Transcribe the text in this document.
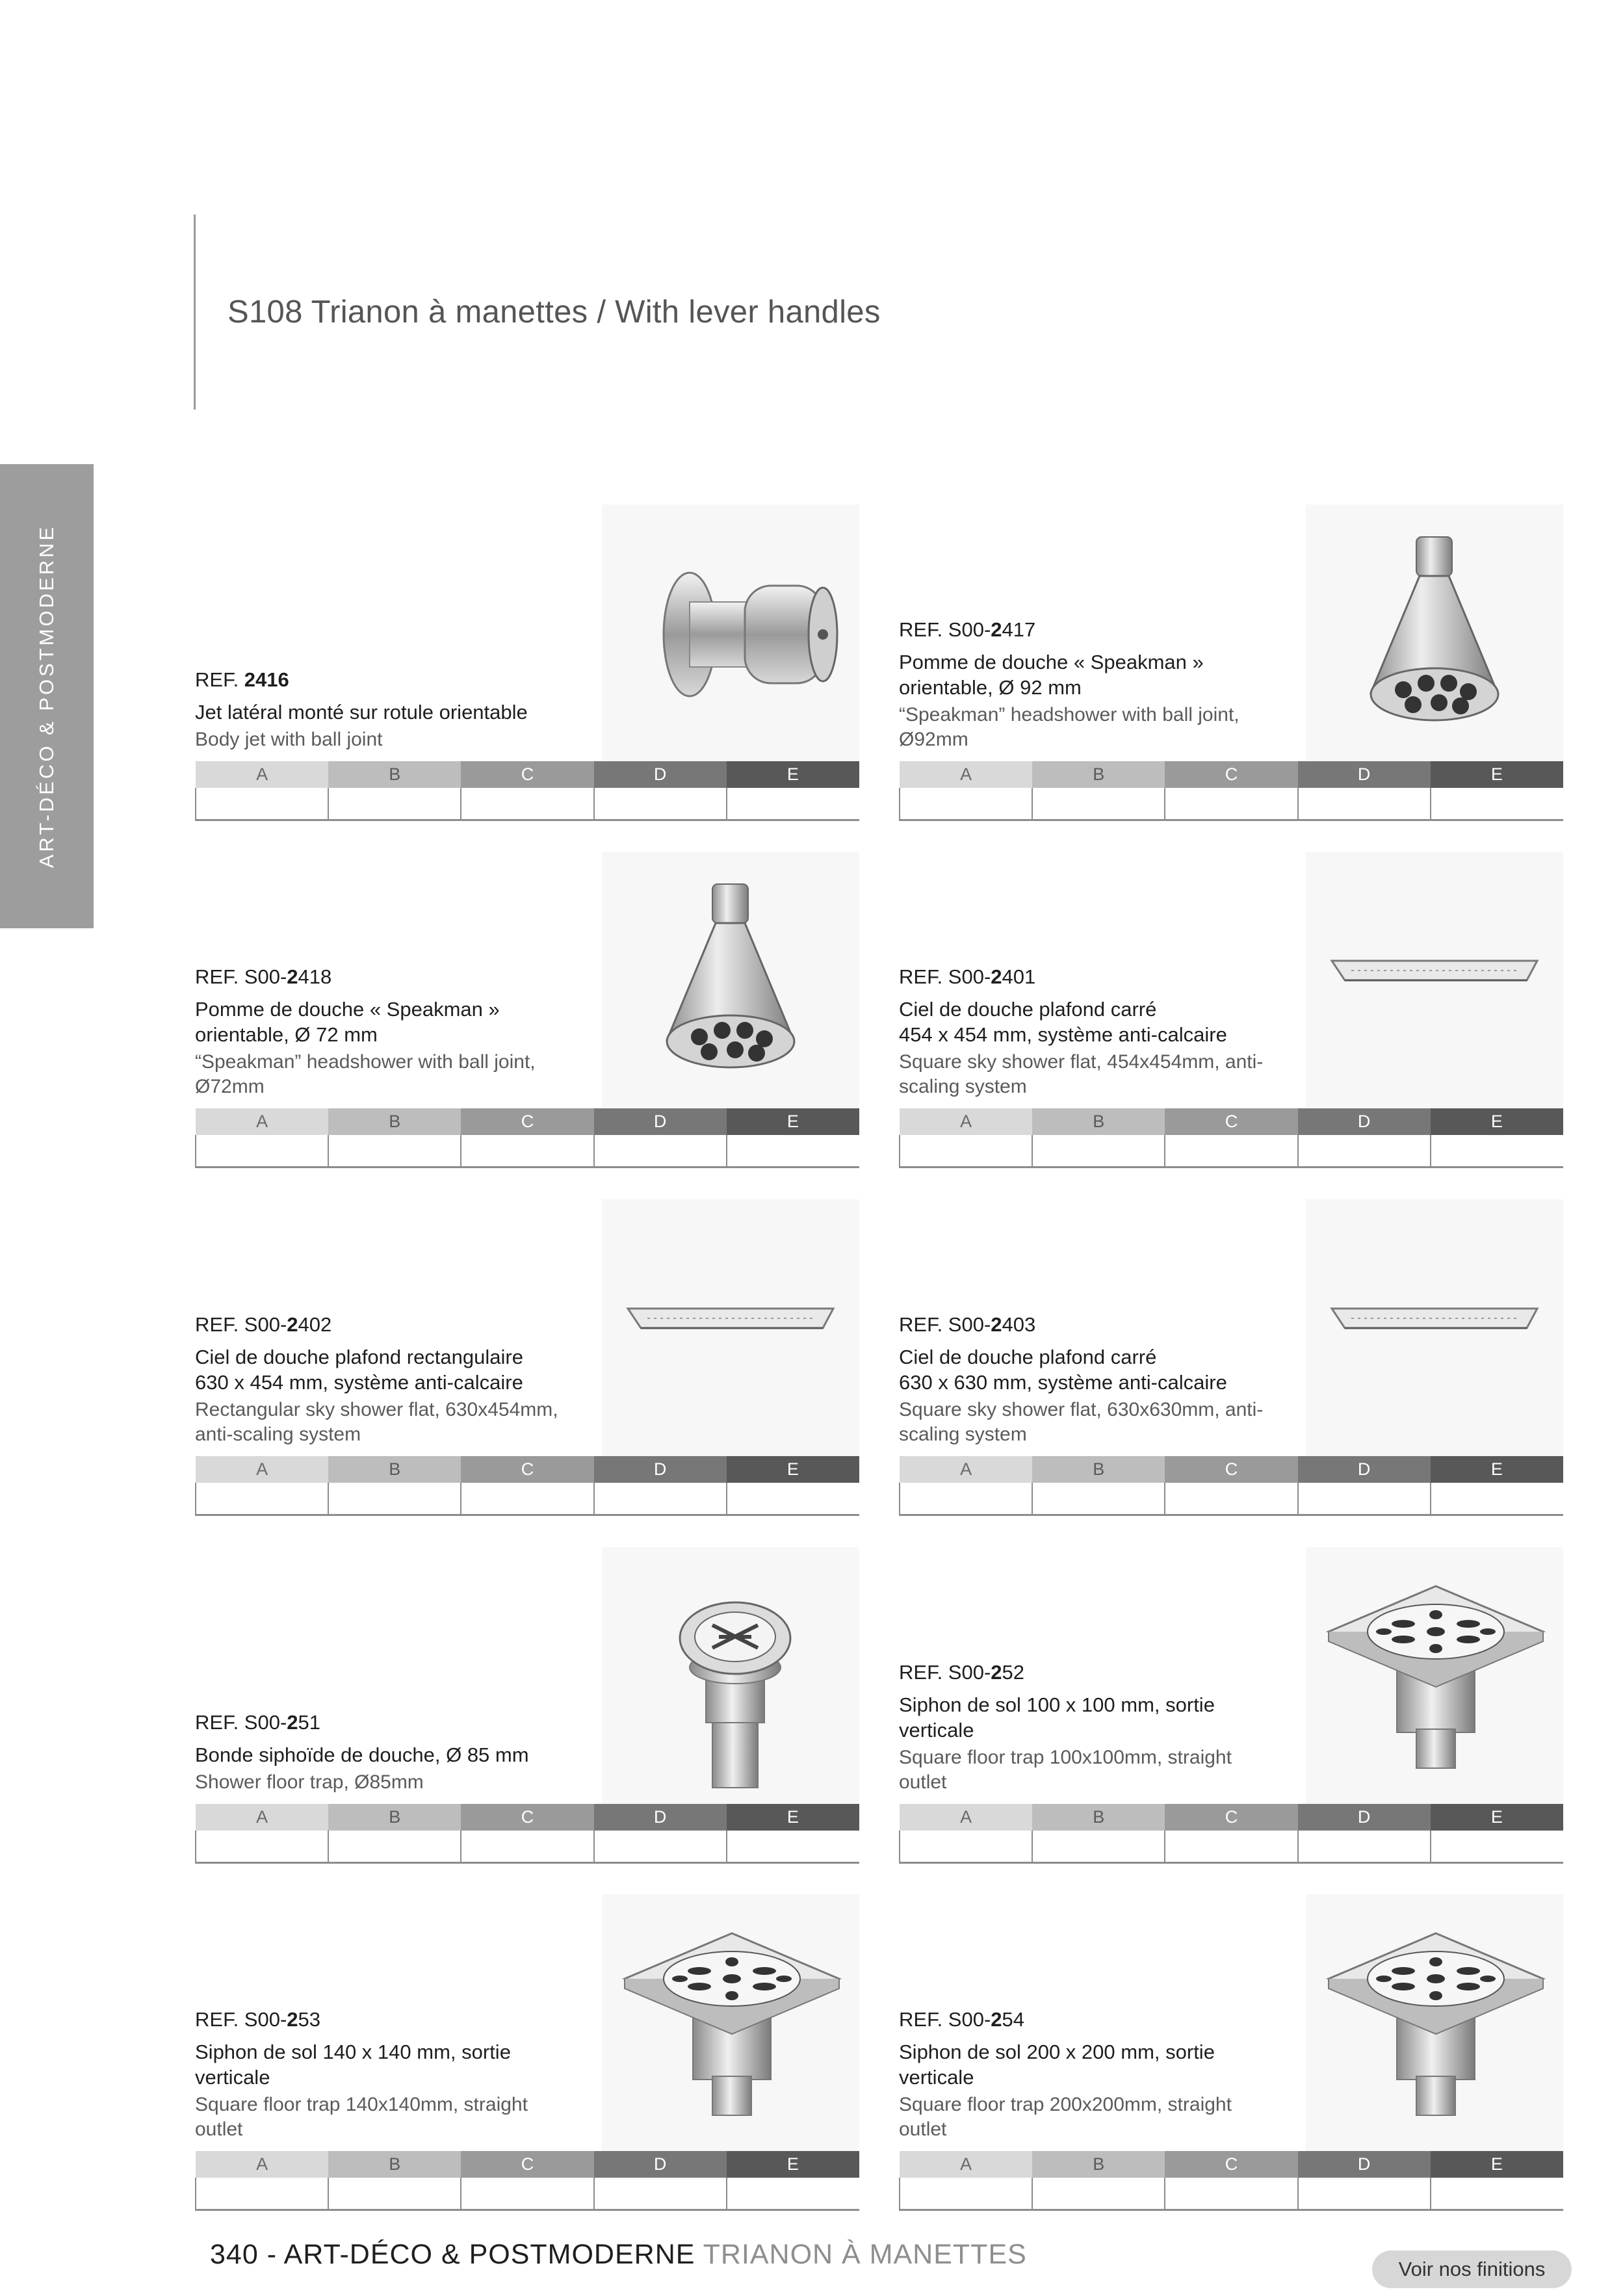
S108 Trianon à manettes / With lever handles
ART-DÉCO & POSTMODERNE	REF. 2416
Jet latéral monté sur rotule orientable
Body jet with ball joint
A	B	C	D	E

REF. S00-2417
Pomme de douche « Speakman »
orientable, Ø 92 mm
“Speakman” headshower with ball joint,
Ø92mm
A	B	C	D	E

REF. S00-2418
Pomme de douche « Speakman »
orientable, Ø 72 mm
“Speakman” headshower with ball joint,
Ø72mm
A	B	C	D	E

REF. S00-2401
Ciel de douche plafond carré
454 x 454 mm, système anti-calcaire
Square sky shower flat, 454x454mm, anti-
scaling system
A	B	C	D	E

REF. S00-2402
Ciel de douche plafond rectangulaire
630 x 454 mm, système anti-calcaire
Rectangular sky shower flat, 630x454mm,
anti-scaling system
A	B	C	D	E

REF. S00-2403
Ciel de douche plafond carré
630 x 630 mm, système anti-calcaire
Square sky shower flat, 630x630mm, anti-
scaling system
A	B	C	D	E

REF. S00-251
Bonde siphoïde de douche, Ø 85 mm
Shower floor trap, Ø85mm
A	B	C	D	E

REF. S00-252
Siphon de sol 100 x 100 mm, sortie
verticale
Square floor trap 100x100mm, straight
outlet
A	B	C	D	E

REF. S00-253
Siphon de sol 140 x 140 mm, sortie
verticale
Square floor trap 140x140mm, straight
outlet
A	B	C	D	E

REF. S00-254
Siphon de sol 200 x 200 mm, sortie
verticale
Square floor trap 200x200mm, straight
outlet
A	B	C	D	E

340 - ART-DÉCO & POSTMODERNE TRIANON À MANETTES	Voir nos finitions
